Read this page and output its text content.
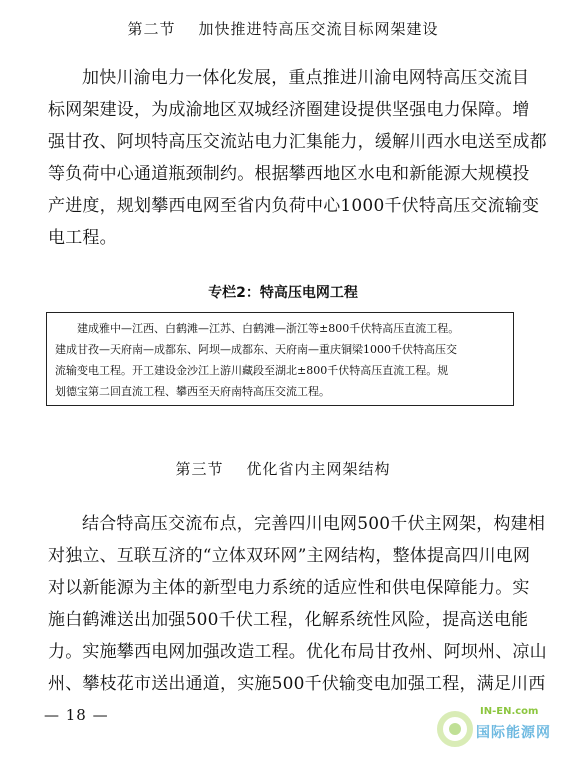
第二节    加快推进特高压交流目标网架建设
加快川渝电力一体化发展，重点推进川渝电网特高压交流目
标网架建设，为成渝地区双城经济圈建设提供坚强电力保障。增
强甘孜、阿坝特高压交流站电力汇集能力，缓解川西水电送至成都
等负荷中心通道瓶颈制约。根据攀西地区水电和新能源大规模投
产进度，规划攀西电网至省内负荷中心1000千伏特高压交流输变
电工程。
专栏2：特高压电网工程
建成雅中—江西、白鹤滩—江苏、白鹤滩—浙江等±800千伏特高压直流工程。
建成甘孜—天府南—成都东、阿坝—成都东、天府南—重庆铜梁1000千伏特高压交
流输变电工程。开工建设金沙江上游川藏段至湖北±800千伏特高压直流工程。规
划德宝第二回直流工程、攀西至天府南特高压交流工程。
第三节    优化省内主网架结构
结合特高压交流布点，完善四川电网500千伏主网架，构建相
对独立、互联互济的“立体双环网”主网结构，整体提高四川电网
对以新能源为主体的新型电力系统的适应性和供电保障能力。实
施白鹤滩送出加强500千伏工程，化解系统性风险，提高送电能
力。实施攀西电网加强改造工程。优化布局甘孜州、阿坝州、凉山
州、攀枝花市送出通道，实施500千伏输变电加强工程，满足川西
— 18 —	IN-EN.com
国际能源网
